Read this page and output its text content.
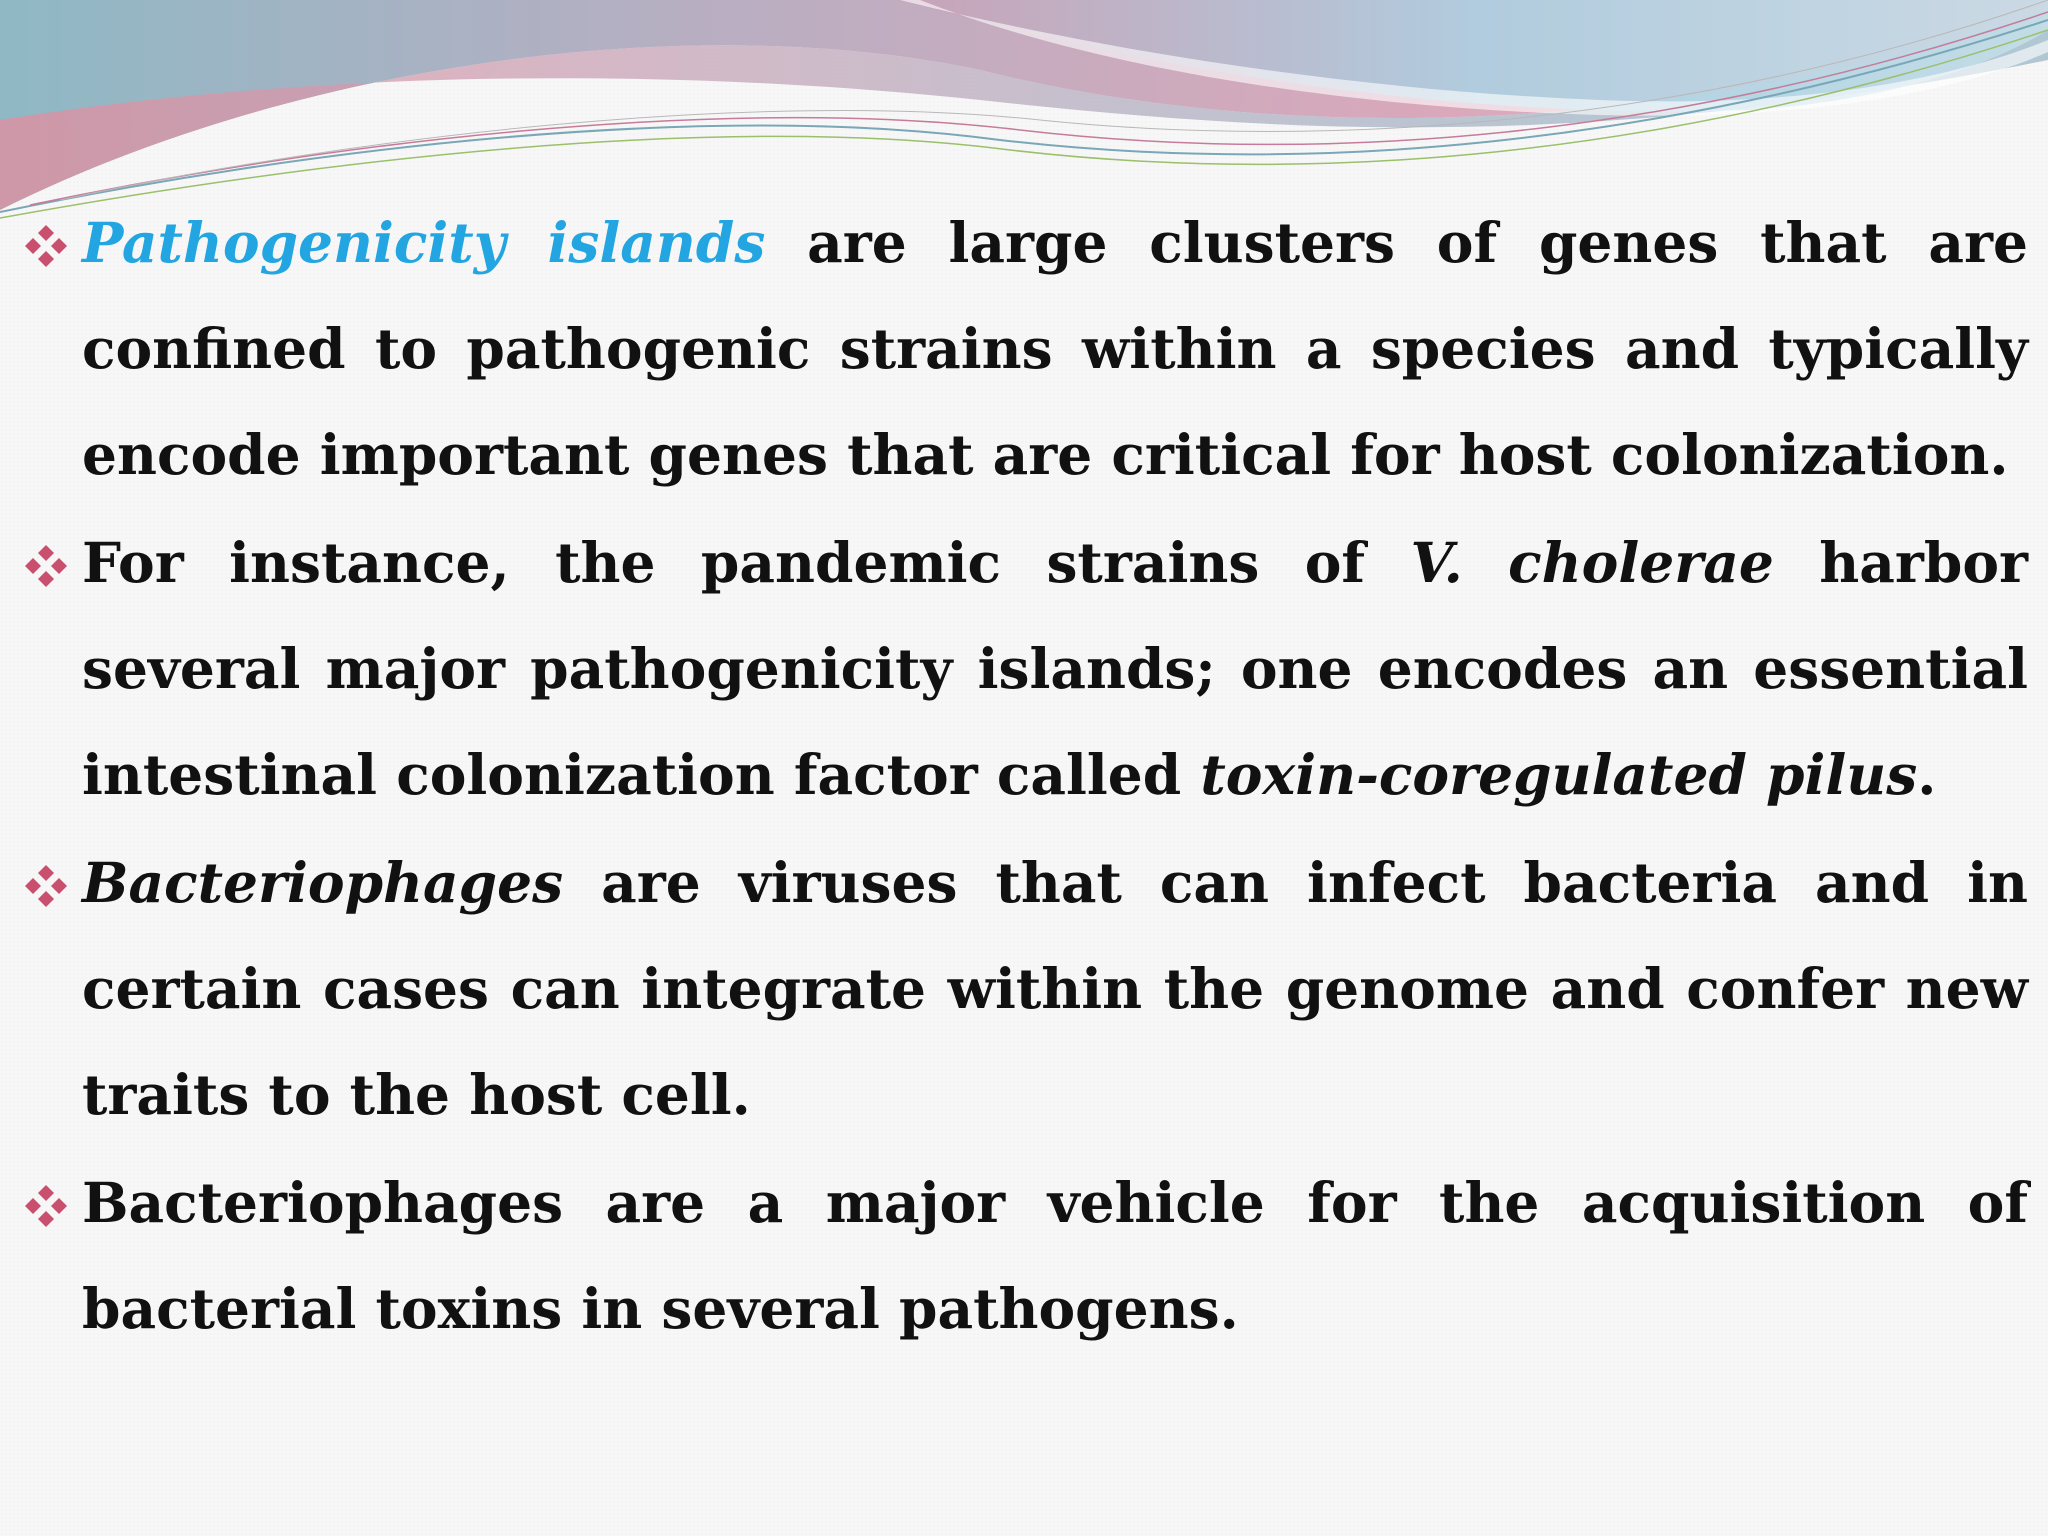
Pathogenicity islands are large clusters of genes that are confined to pathogenic strains within a species and typically encode important genes that are critical for host colonization.
For instance, the pandemic strains of V. cholerae harbor several major pathogenicity islands; one encodes an essential intestinal colonization factor called toxin-coregulated pilus.
Bacteriophages are viruses that can infect bacteria and in certain cases can integrate within the genome and confer new traits to the host cell.
Bacteriophages are a major vehicle for the acquisition of bacterial toxins in several pathogens.
